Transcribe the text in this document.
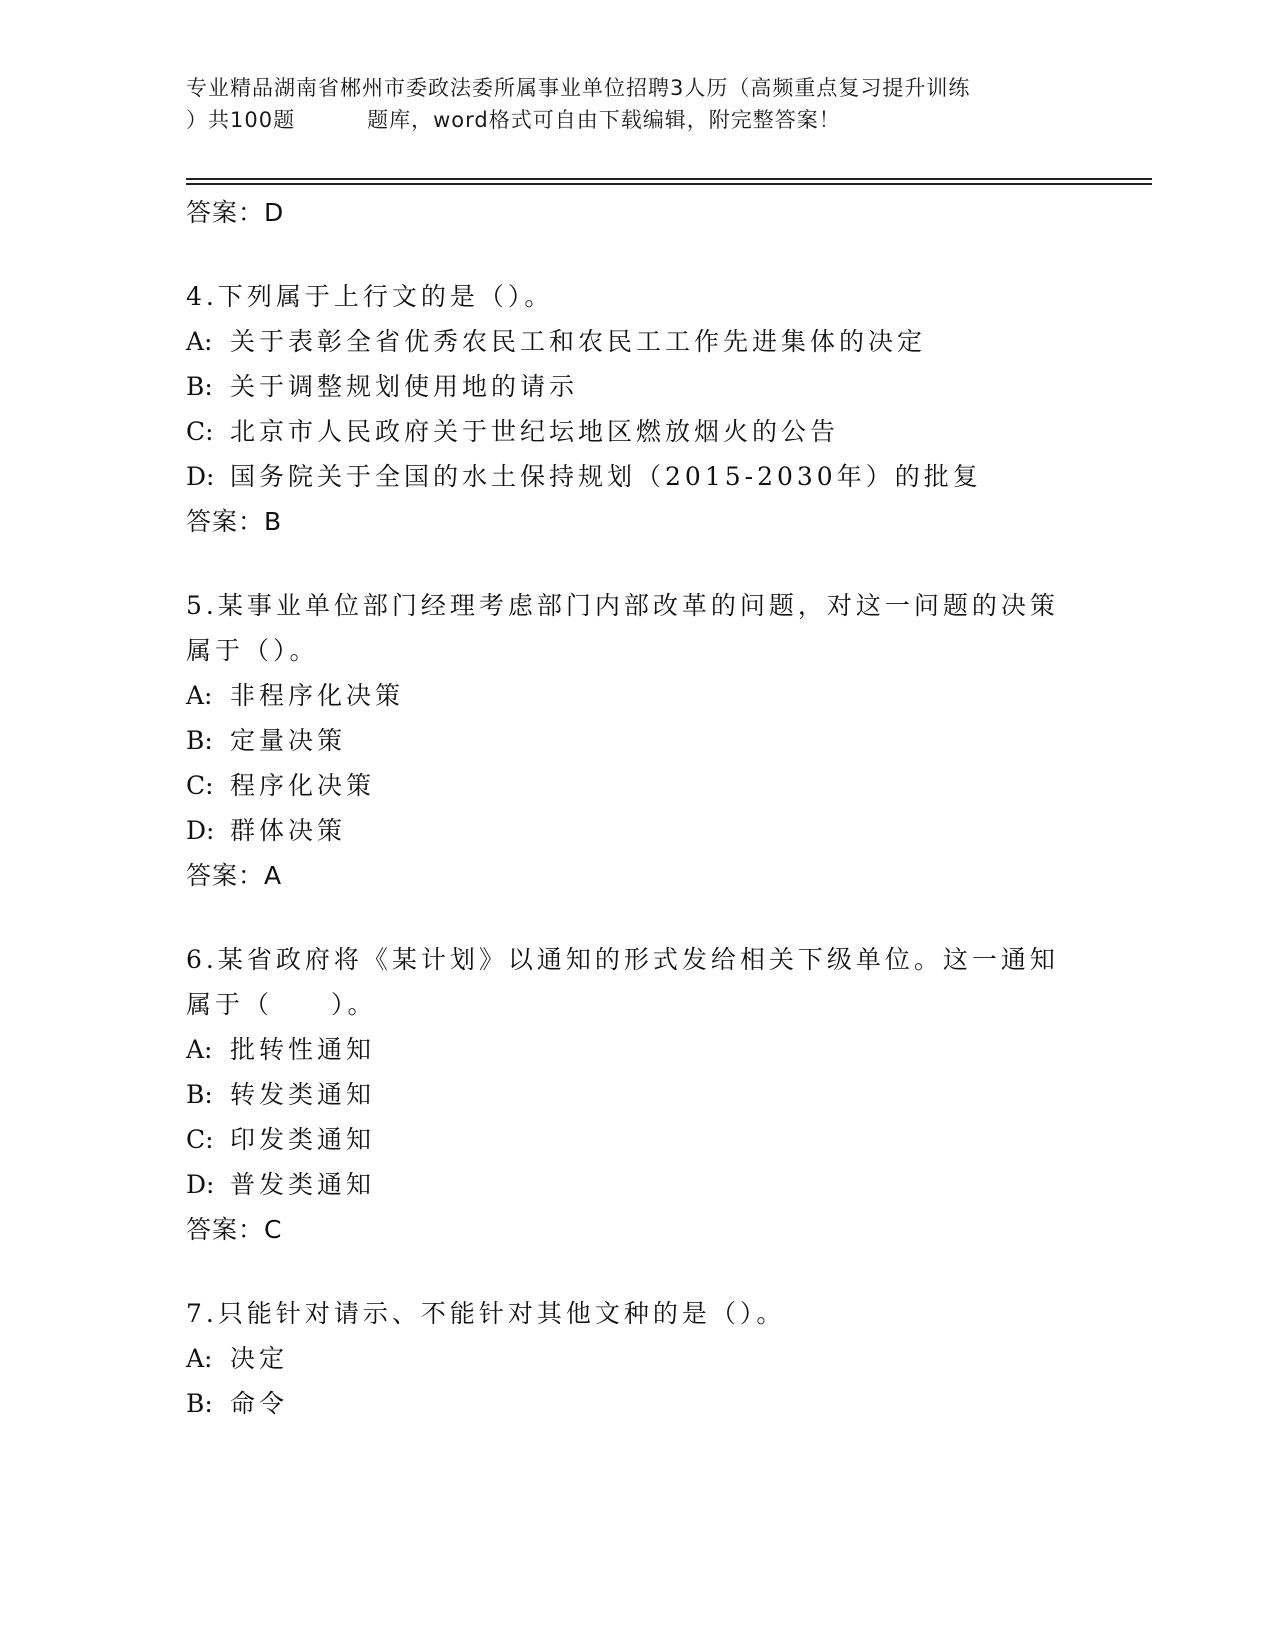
专业精品湖南省郴州市委政法委所属事业单位招聘3人历（高频重点复习提升训练
）共100题	题库，word格式可自由下载编辑，附完整答案！
答案：D
4.下列属于上行文的是（）。
A: 关于表彰全省优秀农民工和农民工工作先进集体的决定
B: 关于调整规划使用地的请示
C: 北京市人民政府关于世纪坛地区燃放烟火的公告
D: 国务院关于全国的水土保持规划（2015-2030年）的批复
答案：B
5.某事业单位部门经理考虑部门内部改革的问题，对这一问题的决策
属于（）。
A: 非程序化决策
B: 定量决策
C: 程序化决策
D: 群体决策
答案：A
6.某省政府将《某计划》以通知的形式发给相关下级单位。这一通知
属于（　　）。
A: 批转性通知
B: 转发类通知
C: 印发类通知
D: 普发类通知
答案：C
7.只能针对请示、不能针对其他文种的是（）。
A: 决定
B: 命令
